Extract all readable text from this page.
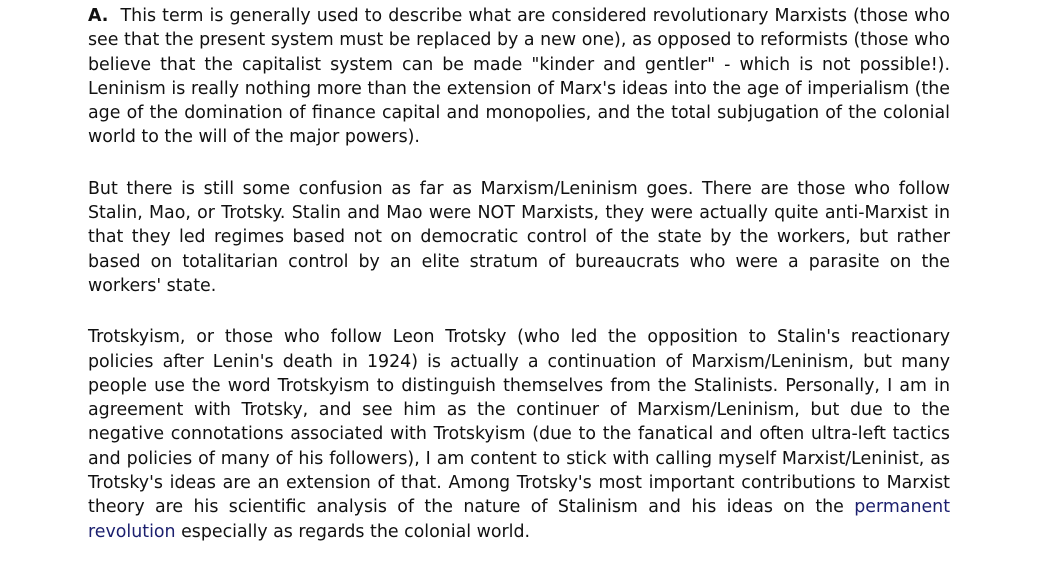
A. This term is generally used to describe what are considered revolutionary Marxists (those who see that the present system must be replaced by a new one), as opposed to reformists (those who believe that the capitalist system can be made "kinder and gentler" - which is not possible!). Leninism is really nothing more than the extension of Marx's ideas into the age of imperialism (the age of the domination of finance capital and monopolies, and the total subjugation of the colonial world to the will of the major powers).

But there is still some confusion as far as Marxism/Leninism goes. There are those who follow Stalin, Mao, or Trotsky. Stalin and Mao were NOT Marxists, they were actually quite anti-Marxist in that they led regimes based not on democratic control of the state by the workers, but rather based on totalitarian control by an elite stratum of bureaucrats who were a parasite on the workers' state.

Trotskyism, or those who follow Leon Trotsky (who led the opposition to Stalin's reactionary policies after Lenin's death in 1924) is actually a continuation of Marxism/Leninism, but many people use the word Trotskyism to distinguish themselves from the Stalinists. Personally, I am in agreement with Trotsky, and see him as the continuer of Marxism/Leninism, but due to the negative connotations associated with Trotskyism (due to the fanatical and often ultra-left tactics and policies of many of his followers), I am content to stick with calling myself Marxist/Leninist, as Trotsky's ideas are an extension of that. Among Trotsky's most important contributions to Marxist theory are his scientific analysis of the nature of Stalinism and his ideas on the permanent revolution especially as regards the colonial world.
